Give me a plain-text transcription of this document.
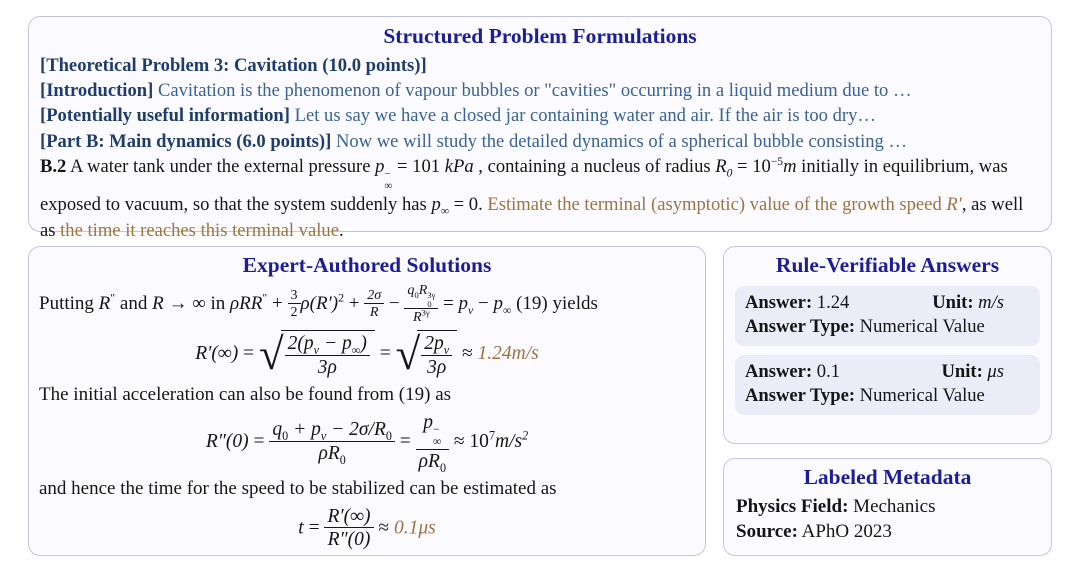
Structured Problem Formulations
[Theoretical Problem 3: Cavitation (10.0 points)]
[Introduction] Cavitation is the phenomenon of vapour bubbles or "cavities" occurring in a liquid medium due to …
[Potentially useful information] Let us say we have a closed jar containing water and air. If the air is too dry…
[Part B: Main dynamics (6.0 points)] Now we will study the detailed dynamics of a spherical bubble consisting …
B.2 A water tank under the external pressure p −
∞
= 101 kPa , containing a nucleus of radius $R_0 = 10^{-5}m$ initially in equilibrium, was exposed to vacuum, so that the system suddenly has $p_\infty = 0$. Estimate the terminal (asymptotic) value of the growth speed R′, as well as the time it reaches this terminal value.
Expert-Authored Solutions
Putting R″ and R → ∞ in $\rho RR'' + \frac{3}{2} \rho(R')^2 + \frac{2\sigma}{R} - q_0R$ 3γ
0
$R^{3\gamma} = p_v - p_\infty$ (19) yields
R′(∞) = √ $\frac{2(p_v - p_\infty)}{3\rho}$ = √ $\frac{2p_v}{3\rho} \approx 1.24m/s$
The initial acceleration can also be found from (19) as
$R''(0) = \frac{q_0 + p_v - 2\sigma/R_0}{\rho R_0} = p$ −
∞
$\rho R_0 \approx 10^7m/s^2$
and hence the time for the speed to be stabilized can be estimated as
$t = \frac{R'(\infty)}{R''(0)} \approx 0.1\mu s$
Rule-Verifiable Answers
Answer: 1.24	Unit: m/s
Answer Type: Numerical Value
Answer: 0.1	Unit: μs
Answer Type: Numerical Value
Labeled Metadata
Physics Field: Mechanics
Source: APhO 2023
